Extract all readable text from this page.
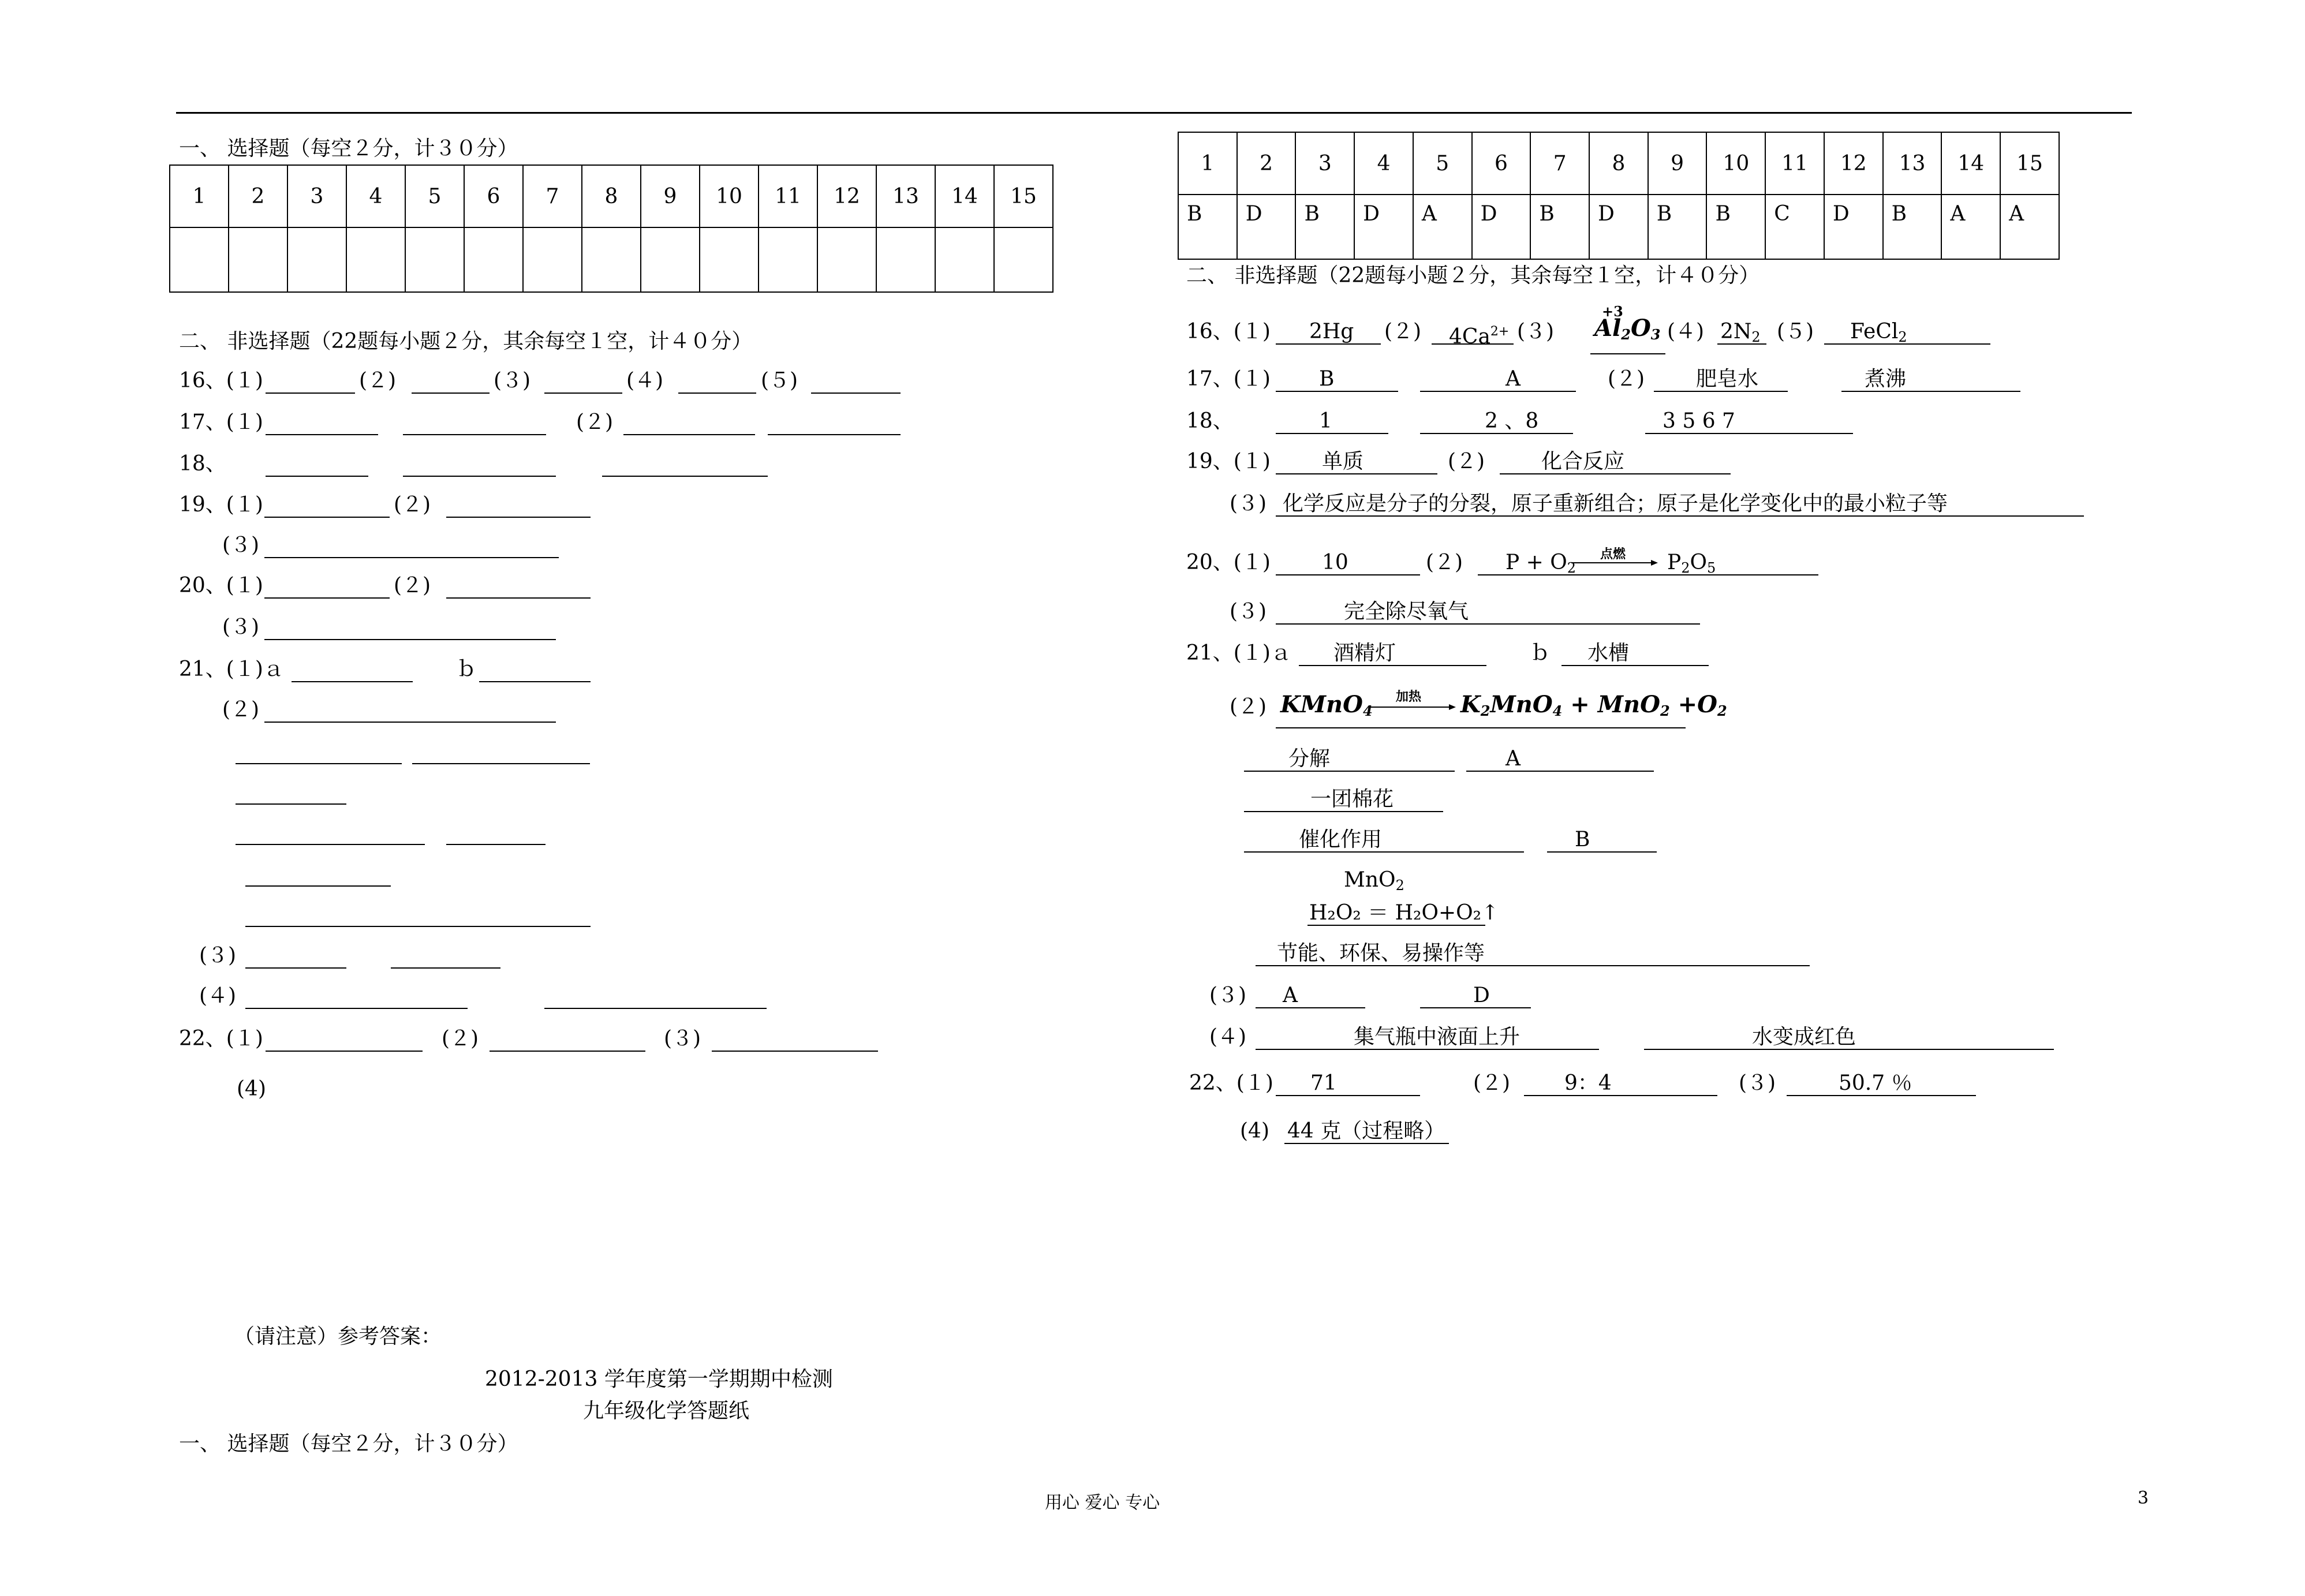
一、 选择题（每空２分，计３０分）
1	2	3	4	5	6	7	8	9	10	11	12	13	14	15

二、 非选择题（22题每小题２分，其余每空１空，计４０分）
16、(１)	(２)	(３)	(４)	(５)
17、(１)	(２)
18、
19、(１)	(２)
(３)
20、(１)	(２)
(３)
21、(１)ａ	ｂ
(２)
(３)
(４)
22、(１)	(２)	(３)
(4)
（请注意）参考答案：
2012-2013 学年度第一学期期中检测
九年级化学答题纸
一、 选择题（每空２分，计３０分）
1	2	3	4	5	6	7	8	9	10	11	12	13	14	15
B	D	B	D	A	D	B	D	B	B	C	D	B	A	A
二、 非选择题（22题每小题２分，其余每空１空，计４０分）
16、(１) 2Hg (２) $4Ca^{2+}$ (３)
+3
$Al_2O_3$ (４) $2N_2$ (５) FeCl$_2$
17、(１) B	A	(２) 肥皂水	煮沸
18、	1	2 、8	3 5 6 7
19、(１) 单质	(２)	化合反应
(３) 化学反应是分子的分裂，原子重新组合；原子是化学变化中的最小粒子等
20、(１) 10	(２) $P + O_2$
点燃 $P_2O_5$
(３)	完全除尽氧气
21、(１)ａ 酒精灯	ｂ 水槽
(２) KMnO$_4$
加热 $K_2MnO_4 + MnO_2 +O_2$
分解	A
一团棉花
催化作用	B
MnO$_2$
H₂O₂ ＝ H₂O+O₂↑
节能、环保、易操作等
(３) A	D
(４)	集气瓶中液面上升	水变成红色
22、(１) 71	(２)	9：4	(３)	50.7 ％
(4) 44 克（过程略）
用心 爱心 专心	3
